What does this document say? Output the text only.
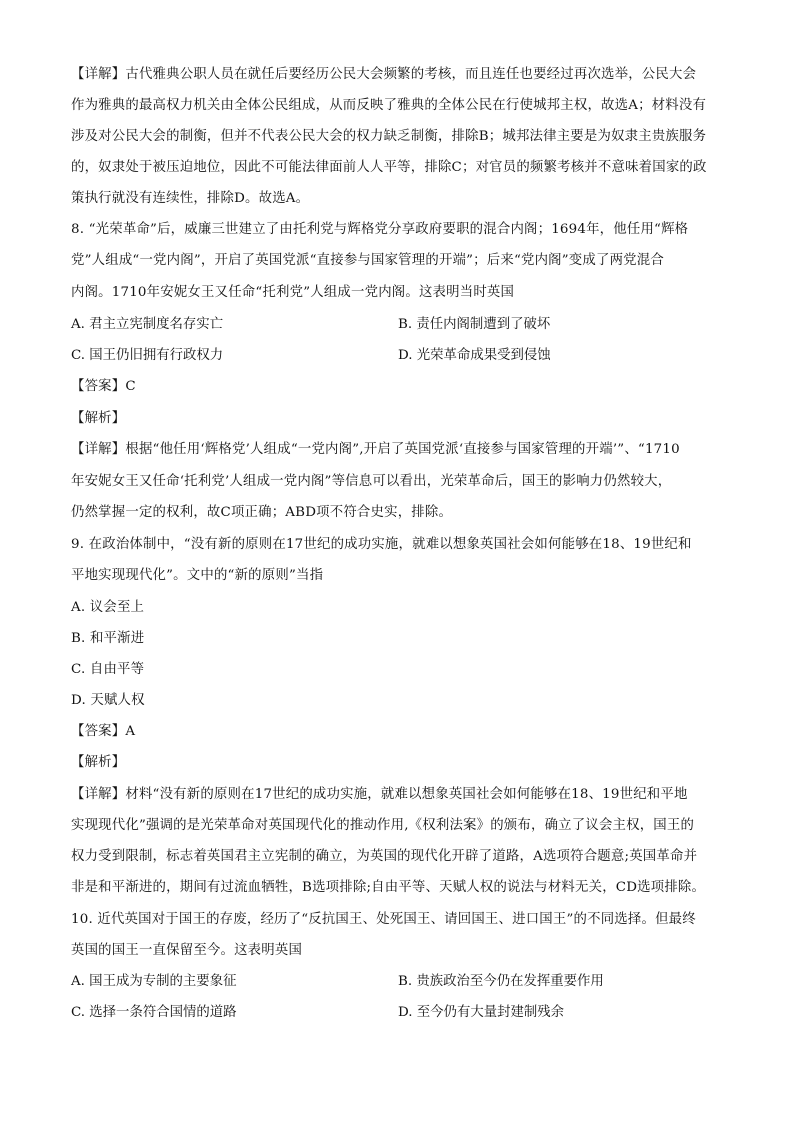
【详解】古代雅典公职人员在就任后要经历公民大会频繁的考核，而且连任也要经过再次选举，公民大会
作为雅典的最高权力机关由全体公民组成，从而反映了雅典的全体公民在行使城邦主权，故选A；材料没有
涉及对公民大会的制衡，但并不代表公民大会的权力缺乏制衡，排除B；城邦法律主要是为奴隶主贵族服务
的，奴隶处于被压迫地位，因此不可能法律面前人人平等，排除C；对官员的频繁考核并不意味着国家的政
策执行就没有连续性，排除D。故选A。
8. “光荣革命”后，威廉三世建立了由托利党与辉格党分享政府要职的混合内阁；1694年，他任用“辉格
党”人组成“一党内阁”，开启了英国党派“直接参与国家管理的开端”；后来“党内阁”变成了两党混合
内阁。1710年安妮女王又任命“托利党”人组成一党内阁。这表明当时英国
A. 君主立宪制度名存实亡	B. 责任内阁制遭到了破坏
C. 国王仍旧拥有行政权力	D. 光荣革命成果受到侵蚀
【答案】C
【解析】
【详解】根据“他任用‘辉格党’人组成“一党内阁”,开启了英国党派‘直接参与国家管理的开端’”、“1710
年安妮女王又任命‘托利党’人组成一党内阁”等信息可以看出，光荣革命后，国王的影响力仍然较大，
仍然掌握一定的权利，故C项正确；ABD项不符合史实，排除。
9. 在政治体制中，“没有新的原则在17世纪的成功实施，就难以想象英国社会如何能够在18、19世纪和
平地实现现代化”。文中的“新的原则”当指
A. 议会至上
B. 和平渐进
C. 自由平等
D. 天赋人权
【答案】A
【解析】
【详解】材料“没有新的原则在17世纪的成功实施，就难以想象英国社会如何能够在18、19世纪和平地
实现现代化”强调的是光荣革命对英国现代化的推动作用,《权利法案》的颁布，确立了议会主权，国王的
权力受到限制，标志着英国君主立宪制的确立，为英国的现代化开辟了道路，A选项符合题意;英国革命并
非是和平渐进的，期间有过流血牺牲，B选项排除;自由平等、天赋人权的说法与材料无关，CD选项排除。
10. 近代英国对于国王的存废，经历了“反抗国王、处死国王、请回国王、进口国王”的不同选择。但最终
英国的国王一直保留至今。这表明英国
A. 国王成为专制的主要象征	B. 贵族政治至今仍在发挥重要作用
C. 选择一条符合国情的道路	D. 至今仍有大量封建制残余
